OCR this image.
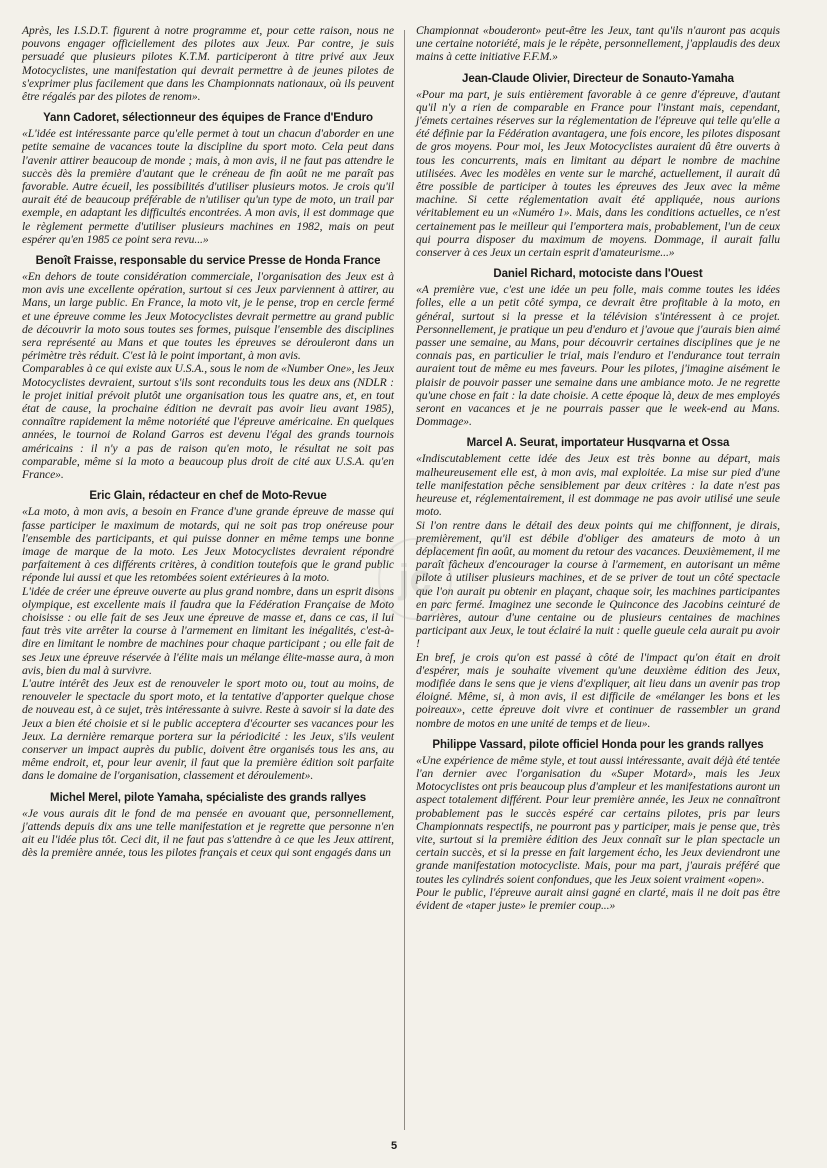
Après, les I.S.D.T. figurent à notre programme et, pour cette raison, nous ne pouvons engager officiellement des pilotes aux Jeux. Par contre, je suis persuadé que plusieurs pilotes K.T.M. participeront à titre privé aux Jeux Motocyclistes, une manifestation qui devrait permettre à de jeunes pilotes de s'exprimer plus facilement que dans les Championnats nationaux, où ils peuvent être régalés par des pilotes de renom».

Yann Cadoret, sélectionneur des équipes de France d'Enduro

«L'idée est intéressante parce qu'elle permet à tout un chacun d'aborder en une petite semaine de vacances toute la discipline du sport moto. Cela peut dans l'avenir attirer beaucoup de monde ; mais, à mon avis, il ne faut pas attendre le succès dès la première d'autant que le créneau de fin août ne me paraît pas favorable. Autre écueil, les possibilités d'utiliser plusieurs motos. Je crois qu'il aurait été de beaucoup préférable de n'utiliser qu'un type de moto, un trail par exemple, en adaptant les difficultés encontrées. A mon avis, il est dommage que le règlement permette d'utiliser plusieurs machines en 1982, mais on peut espérer qu'en 1985 ce point sera revu...»

Benoît Fraisse, responsable du service Presse de Honda France

«En dehors de toute considération commerciale, l'organisation des Jeux est à mon avis une excellente opération, surtout si ces Jeux parviennent à attirer, au Mans, un large public. En France, la moto vit, je le pense, trop en cercle fermé et une épreuve comme les Jeux Motocyclistes devrait permettre au grand public de découvrir la moto sous toutes ses formes, puisque l'ensemble des disciplines sera représenté au Mans et que toutes les épreuves se dérouleront dans un périmètre très réduit. C'est là le point important, à mon avis.

Comparables à ce qui existe aux U.S.A., sous le nom de «Number One», les Jeux Motocyclistes devraient, surtout s'ils sont reconduits tous les deux ans (NDLR : le projet initial prévoit plutôt une organisation tous les quatre ans, et, en tout état de cause, la prochaine édition ne devrait pas avoir lieu avant 1985), connaître rapidement la même notoriété que l'épreuve américaine. En quelques années, le tournoi de Roland Garros est devenu l'égal des grands tournois américains : il n'y a pas de raison qu'en moto, le résultat ne soit pas comparable, même si la moto a beaucoup plus droit de cité aux U.S.A. qu'en France».

Eric Glain, rédacteur en chef de Moto-Revue

«La moto, à mon avis, a besoin en France d'une grande épreuve de masse qui fasse participer le maximum de motards, qui ne soit pas trop onéreuse pour l'ensemble des participants, et qui puisse donner en même temps une bonne image de marque de la moto. Les Jeux Motocyclistes devraient répondre parfaitement à ces différents critères, à condition toutefois que le grand public réponde lui aussi et que les retombées soient extérieures à la moto.

L'idée de créer une épreuve ouverte au plus grand nombre, dans un esprit disons olympique, est excellente mais il faudra que la Fédération Française de Moto choisisse : ou elle fait de ses Jeux une épreuve de masse et, dans ce cas, il lui faut très vite arrêter la course à l'armement en limitant les inégalités, c'est-à-dire en limitant le nombre de machines pour chaque participant ; ou elle fait de ses Jeux une épreuve réservée à l'élite mais un mélange élite-masse aura, à mon avis, bien du mal à survivre.

L'autre intérêt des Jeux est de renouveler le sport moto ou, tout au moins, de renouveler le spectacle du sport moto, et la tentative d'apporter quelque chose de nouveau est, à ce sujet, très intéressante à suivre. Reste à savoir si la date des Jeux a bien été choisie et si le public acceptera d'écourter ses vacances pour les Jeux. La dernière remarque portera sur la périodicité : les Jeux, s'ils veulent conserver un impact auprès du public, doivent être organisés tous les ans, au même endroit, et, pour leur avenir, il faut que la première édition soit parfaite dans le domaine de l'organisation, classement et déroulement».

Michel Merel, pilote Yamaha, spécialiste des grands rallyes

«Je vous aurais dit le fond de ma pensée en avouant que, personnellement, j'attends depuis dix ans une telle manifestation et je regrette que personne n'en ait eu l'idée plus tôt. Ceci dit, il ne faut pas s'attendre à ce que les Jeux attirent, dès la première année, tous les pilotes français et ceux qui sont engagés dans un

Championnat «bouderont» peut-être les Jeux, tant qu'ils n'auront pas acquis une certaine notoriété, mais je le répète, personnellement, j'applaudis des deux mains à cette initiative F.F.M.»

Jean-Claude Olivier, Directeur de Sonauto-Yamaha

«Pour ma part, je suis entièrement favorable à ce genre d'épreuve, d'autant qu'il n'y a rien de comparable en France pour l'instant mais, cependant, j'émets certaines réserves sur la réglementation de l'épreuve qui telle qu'elle a été définie par la Fédération avantagera, une fois encore, les pilotes disposant de gros moyens. Pour moi, les Jeux Motocyclistes auraient dû être ouverts à tous les concurrents, mais en limitant au départ le nombre de machine utilisées. Avec les modèles en vente sur le marché, actuellement, il aurait dû être possible de participer à toutes les épreuves des Jeux avec la même machine. Si cette réglementation avait été appliquée, nous aurions véritablement eu un «Numéro 1». Mais, dans les conditions actuelles, ce n'est certainement pas le meilleur qui l'emportera mais, probablement, l'un de ceux qui pourra disposer du maximum de moyens. Dommage, il aurait fallu conserver à ces Jeux un certain esprit d'amateurisme...»

Daniel Richard, motociste dans l'Ouest

«A première vue, c'est une idée un peu folle, mais comme toutes les idées folles, elle a un petit côté sympa, ce devrait être profitable à la moto, en général, surtout si la presse et la télévision s'intéressent à ce projet. Personnellement, je pratique un peu d'enduro et j'avoue que j'aurais bien aimé passer une semaine, au Mans, pour découvrir certaines disciplines que je ne connais pas, en particulier le trial, mais l'enduro et l'endurance tout terrain auraient tout de même eu mes faveurs. Pour les pilotes, j'imagine aisément le plaisir de pouvoir passer une semaine dans une ambiance moto. Je ne regrette qu'une chose en fait : la date choisie. A cette époque là, deux de mes employés seront en vacances et je ne pourrais passer que le week-end au Mans. Dommage».

Marcel A. Seurat, importateur Husqvarna et Ossa

«Indiscutablement cette idée des Jeux est très bonne au départ, mais malheureusement elle est, à mon avis, mal exploitée. La mise sur pied d'une telle manifestation pêche sensiblement par deux critères : la date n'est pas heureuse et, réglementairement, il est dommage ne pas avoir utilisé une seule moto.

Si l'on rentre dans le détail des deux points qui me chiffonnent, je dirais, premièrement, qu'il est débile d'obliger des amateurs de moto à un déplacement fin août, au moment du retour des vacances. Deuxièmement, il me paraît fâcheux d'encourager la course à l'armement, en autorisant un même pilote à utiliser plusieurs machines, et de se priver de tout un côté spectacle que l'on aurait pu obtenir en plaçant, chaque soir, les machines participantes en parc fermé. Imaginez une seconde le Quinconce des Jacobins ceinturé de barrières, autour d'une centaine ou de plusieurs centaines de machines participant aux Jeux, le tout éclairé la nuit : quelle gueule cela aurait pu avoir !

En bref, je crois qu'on est passé à côté de l'impact qu'on était en droit d'espérer, mais je souhaite vivement qu'une deuxième édition des Jeux, modifiée dans le sens que je viens d'expliquer, ait lieu dans un avenir pas trop éloigné. Même, si, à mon avis, il est difficile de «mélanger les bons et les poireaux», cette épreuve doit vivre et continuer de rassembler un grand nombre de motos en une unité de temps et de lieu».

Philippe Vassard, pilote officiel Honda pour les grands rallyes

«Une expérience de même style, et tout aussi intéressante, avait déjà été tentée l'an dernier avec l'organisation du «Super Motard», mais les Jeux Motocyclistes ont pris beaucoup plus d'ampleur et les manifestations auront un aspect totalement différent. Pour leur première année, les Jeux ne connaîtront probablement pas le succès espéré car certains pilotes, pris par leurs Championnats respectifs, ne pourront pas y participer, mais je pense que, très vite, surtout si la première édition des Jeux connaît sur le plan spectacle un certain succès, et si la presse en fait largement écho, les Jeux deviendront une grande manifestation motocycliste. Mais, pour ma part, j'aurais préféré que toutes les cylindrés soient confondues, que les Jeux soient vraiment «open».

Pour le public, l'épreuve aurait ainsi gagné en clarté, mais il ne doit pas être évident de «taper juste» le premier coup...»

jc
5
